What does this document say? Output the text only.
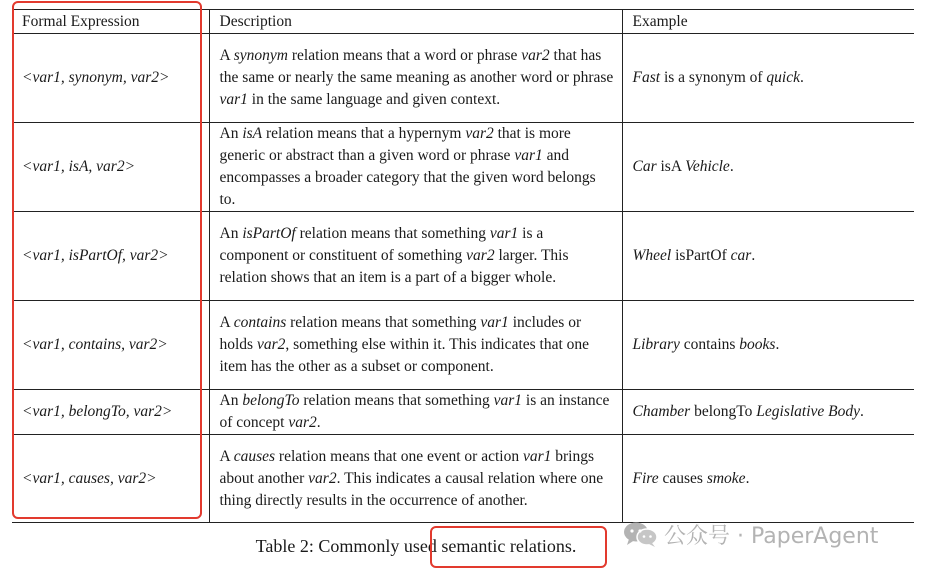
Formal Expression	Description	Example
<var1, synonym, var2>	A synonym relation means that a word or phrase var2 that has the same or nearly the same meaning as another word or phrase var1 in the same language and given context.	Fast is a synonym of quick.
<var1, isA, var2>	An isA relation means that a hypernym var2 that is more generic or abstract than a given word or phrase var1 and encompasses a broader category that the given word belongs to.	Car isA Vehicle.
<var1, isPartOf, var2>	An isPartOf relation means that something var1 is a component or constituent of something var2 larger. This relation shows that an item is a part of a bigger whole.	Wheel isPartOf car.
<var1, contains, var2>	A contains relation means that something var1 includes or holds var2, something else within it. This indicates that one item has the other as a subset or component.	Library contains books.
<var1, belongTo, var2>	An belongTo relation means that something var1 is an instance of concept var2.	Chamber belongTo Legislative Body.
<var1, causes, var2>	A causes relation means that one event or action var1 brings about another var2. This indicates a causal relation where one thing directly results in the occurrence of another.	Fire causes smoke.
Table 2: Commonly used semantic relations.	公众号 · PaperAgent
